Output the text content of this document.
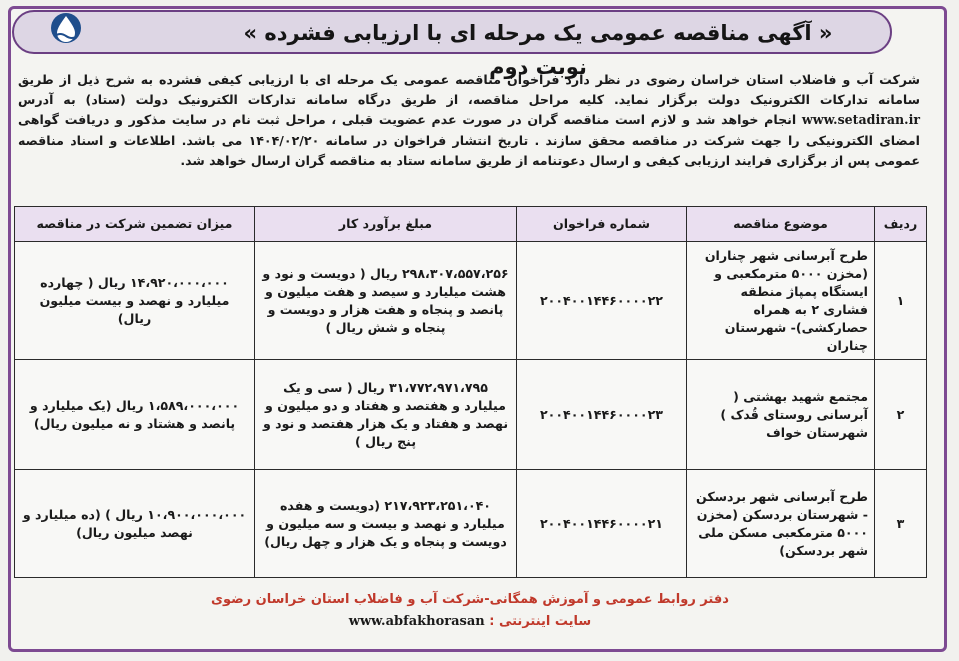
« آگهی مناقصه عمومی یک مرحله ای با ارزیابی فشرده » نوبت دوم
شرکت آب و فاضلاب استان خراسان رضوی در نظر دارد فراخوان مناقصه عمومی یک مرحله ای با ارزیابی کیفی فشرده به شرح ذیل از طریق سامانه تدارکات الکترونیک دولت برگزار نماید. کلیه مراحل مناقصه، از طریق درگاه سامانه تدارکات الکترونیک دولت (ستاد) به آدرس www.setadiran.ir انجام خواهد شد و لازم است مناقصه گران در صورت عدم عضویت قبلی ، مراحل ثبت نام در سایت مذکور و دریافت گواهی امضای الکترونیکی را جهت شرکت در مناقصه محقق سازند . تاریخ انتشار فراخوان در سامانه ۱۴۰۴/۰۲/۲۰ می باشد. اطلاعات و اسناد مناقصه عمومی پس از برگزاری فرایند ارزیابی کیفی و ارسال دعوتنامه از طریق سامانه ستاد به مناقصه گران ارسال خواهد شد.
ردیف	موضوع مناقصه	شماره فراخوان	مبلغ برآورد کار	میزان تضمین شرکت در مناقصه
۱	طرح آبرسانی شهر چناران (مخزن ۵۰۰۰ مترمکعبی و ایستگاه پمپاژ منطقه فشاری ۲ به همراه حصارکشی)- شهرستان چناران	۲۰۰۴۰۰۱۴۴۶۰۰۰۰۲۲	۲۹۸،۳۰۷،۵۵۷،۲۵۶ ریال ( دویست و نود و هشت میلیارد و سیصد و هفت میلیون و پانصد و پنجاه و هفت هزار و دویست و پنجاه و شش ریال )	۱۴،۹۲۰،۰۰۰،۰۰۰ ریال ( چهارده میلیارد و نهصد و بیست میلیون ریال)
۲	مجتمع شهید بهشتی ( آبرسانی روستای قُدک ) شهرستان خواف	۲۰۰۴۰۰۱۴۴۶۰۰۰۰۲۳	۳۱،۷۷۲،۹۷۱،۷۹۵ ریال ( سی و یک میلیارد و هفتصد و هفتاد و دو میلیون و نهصد و هفتاد و یک هزار هفتصد و نود و پنج ریال )	۱،۵۸۹،۰۰۰،۰۰۰ ریال (یک میلیارد و پانصد و هشتاد و نه میلیون ریال)
۳	طرح آبرسانی شهر بردسکن - شهرستان بردسکن (مخزن ۵۰۰۰ مترمکعبی مسکن ملی شهر بردسکن)	۲۰۰۴۰۰۱۴۴۶۰۰۰۰۲۱	۲۱۷،۹۲۳،۲۵۱،۰۴۰ (دویست و هفده میلیارد و نهصد و بیست و سه میلیون و دویست و پنجاه و یک هزار و چهل ریال)	۱۰،۹۰۰،۰۰۰،۰۰۰ ریال ) (ده میلیارد و نهصد میلیون ریال)
دفتر روابط عمومی و آموزش همگانی-شرکت آب و فاضلاب استان خراسان رضوی
سایت اینترنتی : www.abfakhorasan
